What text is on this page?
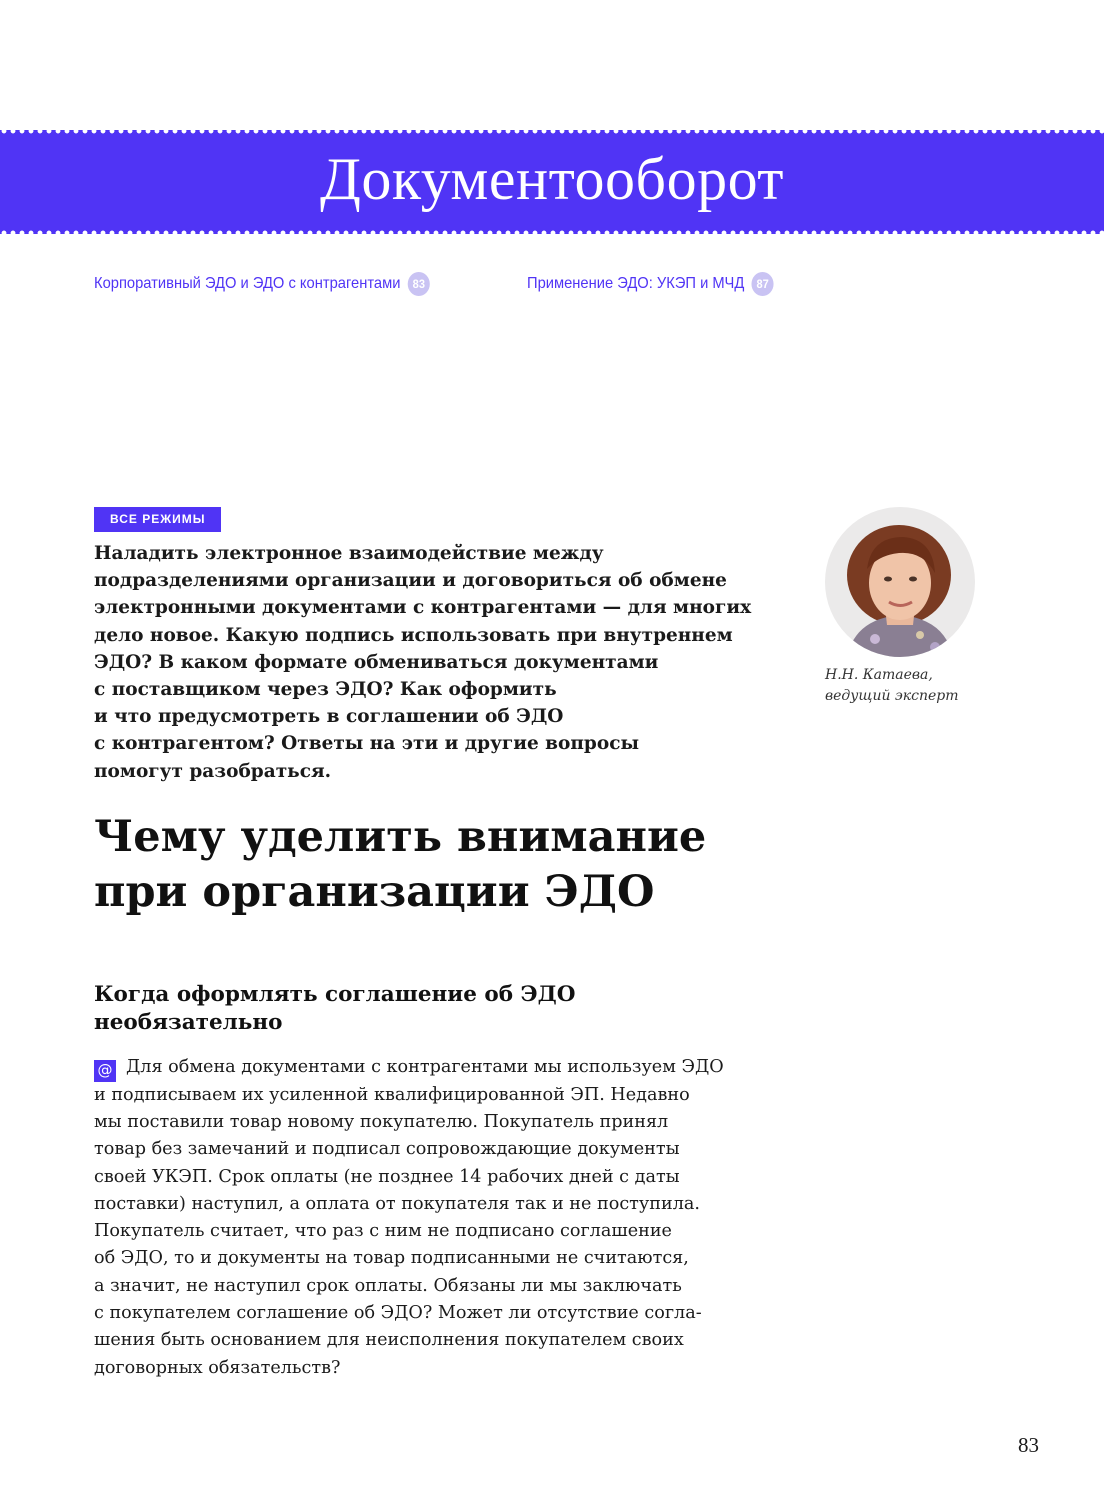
Документооборот
Корпоративный ЭДО и ЭДО с контрагентами	83	Применение ЭДО: УКЭП и МЧД	87
ВСЕ РЕЖИМЫ
Наладить электронное взаимодействие между
подразделениями организации и договориться об обмене
электронными документами с контрагентами — для многих
дело новое. Какую подпись использовать при внутреннем
ЭДО? В каком формате обмениваться документами
с поставщиком через ЭДО? Как оформить
и что предусмотреть в соглашении об ЭДО
с контрагентом? Ответы на эти и другие вопросы
помогут разобраться.
Н.Н. Катаева,
ведущий эксперт
Чему уделить внимание
при организации ЭДО
Когда оформлять соглашение об ЭДО
необязательно
@ Для обмена документами с контрагентами мы используем ЭДО
и подписываем их усиленной квалифицированной ЭП. Недавно
мы поставили товар новому покупателю. Покупатель принял
товар без замечаний и подписал сопровождающие документы
своей УКЭП. Срок оплаты (не позднее 14 рабочих дней с даты
поставки) наступил, а оплата от покупателя так и не поступила.
Покупатель считает, что раз с ним не подписано соглашение
об ЭДО, то и документы на товар подписанными не считаются,
а значит, не наступил срок оплаты. Обязаны ли мы заключать
с покупателем соглашение об ЭДО? Может ли отсутствие согла-
шения быть основанием для неисполнения покупателем своих
договорных обязательств?
83
